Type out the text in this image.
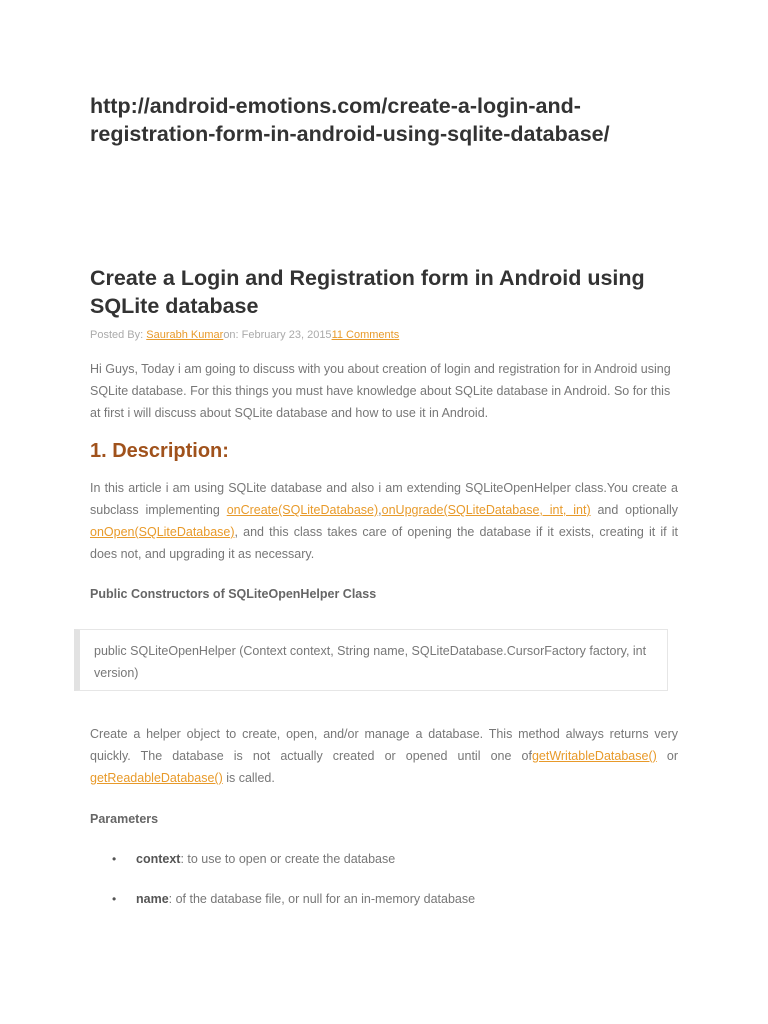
http://android-emotions.com/create-a-login-and-registration-form-in-android-using-sqlite-database/
Create a Login and Registration form in Android using SQLite database
Posted By: Saurabh Kumaron: February 23, 201511 Comments

Hi Guys, Today i am going to discuss with you about creation of login and registration for in Android using SQLite database. For this things you must have knowledge about SQLite database in Android. So for this at first i will discuss about SQLite database and how to use it in Android.

1. Description:

In this article i am using SQLite database and also i am extending SQLiteOpenHelper class.You create a subclass implementing onCreate(SQLiteDatabase),onUpgrade(SQLiteDatabase, int, int) and optionally onOpen(SQLiteDatabase), and this class takes care of opening the database if it exists, creating it if it does not, and upgrading it as necessary.

Public Constructors of SQLiteOpenHelper Class
public SQLiteOpenHelper (Context context, String name, SQLiteDatabase.CursorFactory factory, int version)

Create a helper object to create, open, and/or manage a database. This method always returns very quickly. The database is not actually created or opened until one ofgetWritableDatabase() or getReadableDatabase() is called.

Parameters
• context: to use to open or create the database
• name: of the database file, or null for an in-memory database
